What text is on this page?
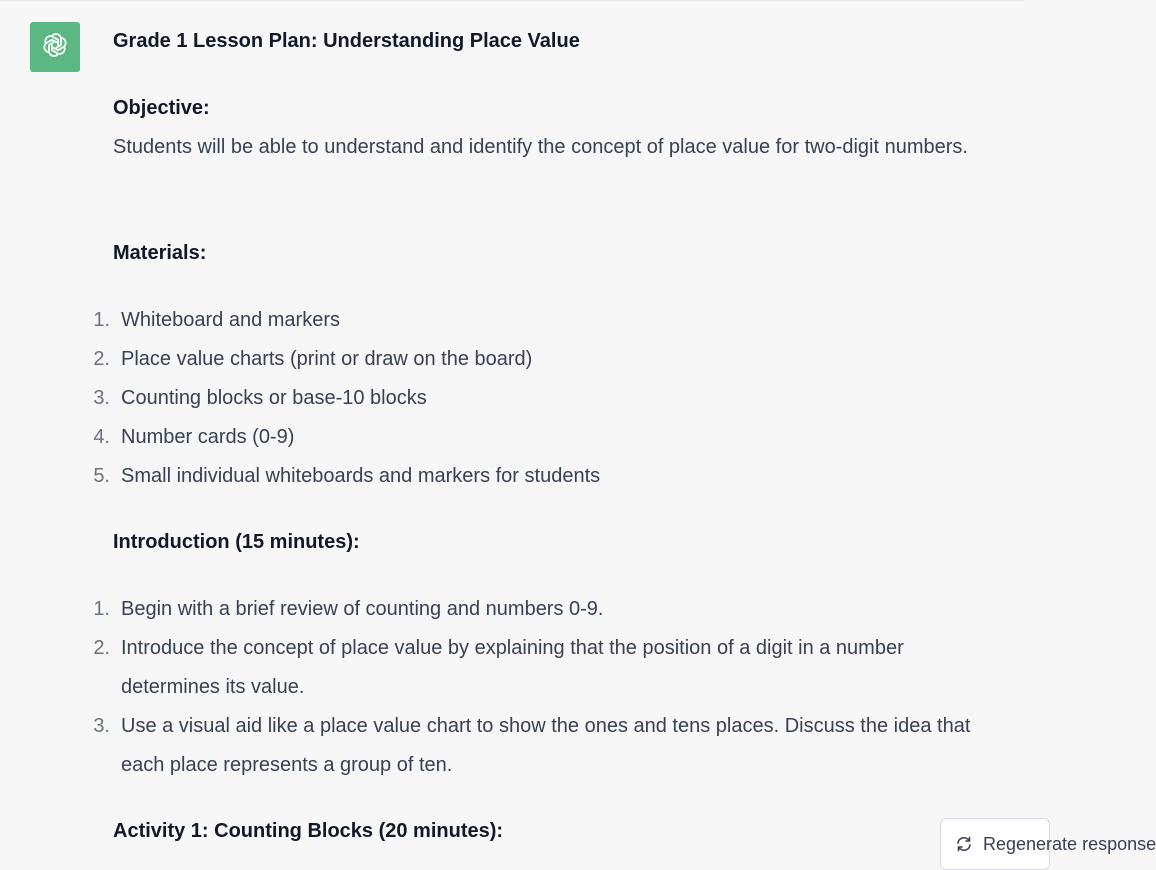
Grade 1 Lesson Plan: Understanding Place Value
Objective:
Students will be able to understand and identify the concept of place value for two-digit numbers.
Materials:
1. Whiteboard and markers
2. Place value charts (print or draw on the board)
3. Counting blocks or base-10 blocks
4. Number cards (0-9)
5. Small individual whiteboards and markers for students
Introduction (15 minutes):
1. Begin with a brief review of counting and numbers 0-9.
2. Introduce the concept of place value by explaining that the position of a digit in a number determines its value.
3. Use a visual aid like a place value chart to show the ones and tens places. Discuss the idea that each place represents a group of ten.
Activity 1: Counting Blocks (20 minutes):
Regenerate response
